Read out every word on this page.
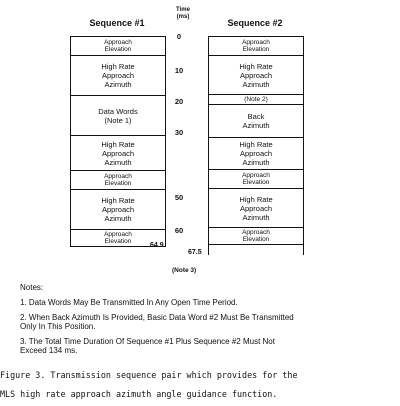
Sequence #1	Sequence #2
Time
(ms)
Approach
Elevation
High Rate
Approach
Azimuth
Data Words
(Note 1)
High Rate
Approach
Azimuth
Approach
Elevation
High Rate
Approach
Azimuth
Approach
Elevation
Approach
Elevation
High Rate
Approach
Azimuth
(Note 2)
Back
Azimuth
High Rate
Approach
Azimuth
Approach
Elevation
High Rate
Approach
Azimuth
Approach
Elevation
0
10
20
30
50
60
64.9
67.5
(Note 3)
Notes:
1. Data Words May Be Transmitted In Any Open Time Period.
2. When Back Azimuth Is Provided, Basic Data Word #2 Must Be Transmitted
Only In This Position.
3. The Total Time Duration Of Sequence #1 Plus Sequence #2 Must Not
Exceed 134 ms.
Figure 3. Transmission sequence pair which provides for the
MLS high rate approach azimuth angle guidance function.
